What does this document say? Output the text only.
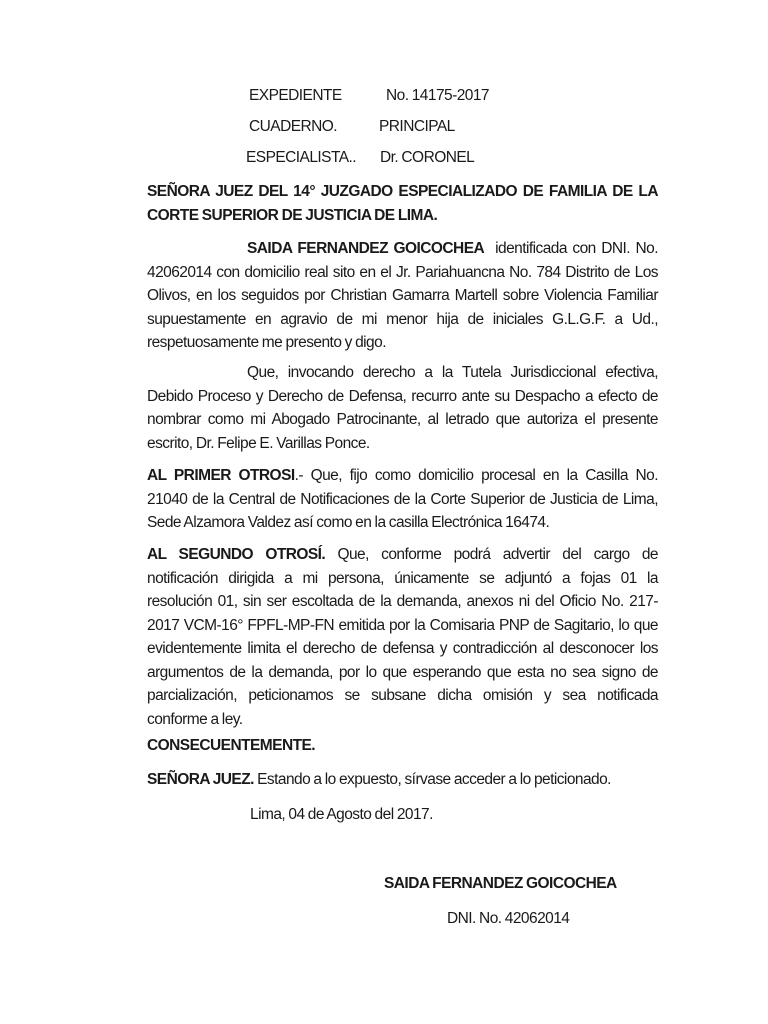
EXPEDIENTE	No. 14175-2017
CUADERNO.	PRINCIPAL
ESPECIALISTA.. Dr. CORONEL
SEÑORA JUEZ DEL 14° JUZGADO ESPECIALIZADO DE FAMILIA DE LA
CORTE SUPERIOR DE JUSTICIA DE LIMA.
SAIDA FERNANDEZ GOICOCHEA identificada con DNI. No.
42062014 con domicilio real sito en el Jr. Pariahuancna No. 784 Distrito de Los
Olivos, en los seguidos por Christian Gamarra Martell sobre Violencia Familiar
supuestamente en agravio de mi menor hija de iniciales G.L.G.F. a Ud.,
respetuosamente me presento y digo.
Que, invocando derecho a la Tutela Jurisdiccional efectiva,
Debido Proceso y Derecho de Defensa, recurro ante su Despacho a efecto de
nombrar como mi Abogado Patrocinante, al letrado que autoriza el presente
escrito, Dr. Felipe E. Varillas Ponce.
AL PRIMER OTROSI.- Que, fijo como domicilio procesal en la Casilla No.
21040 de la Central de Notificaciones de la Corte Superior de Justicia de Lima,
Sede Alzamora Valdez así como en la casilla Electrónica 16474.
AL SEGUNDO OTROSÍ. Que, conforme podrá advertir del cargo de
notificación dirigida a mi persona, únicamente se adjuntó a fojas 01 la
resolución 01, sin ser escoltada de la demanda, anexos ni del Oficio No. 217-
2017 VCM-16° FPFL-MP-FN emitida por la Comisaria PNP de Sagitario, lo que
evidentemente limita el derecho de defensa y contradicción al desconocer los
argumentos de la demanda, por lo que esperando que esta no sea signo de
parcialización, peticionamos se subsane dicha omisión y sea notificada
conforme a ley.
CONSECUENTEMENTE.
SEÑORA JUEZ. Estando a lo expuesto, sírvase acceder a lo peticionado.
Lima, 04 de Agosto del 2017.
SAIDA FERNANDEZ GOICOCHEA
DNI. No. 42062014
